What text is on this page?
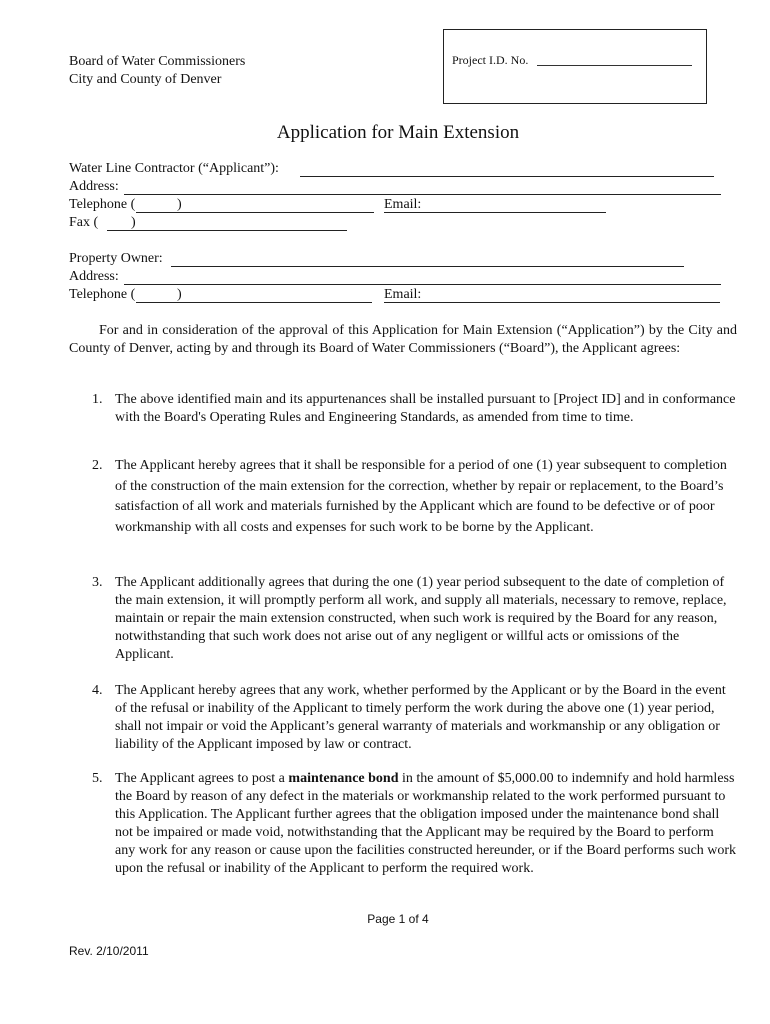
Board of Water Commissioners
City and County of Denver
Project I.D. No.
Application for Main Extension
Water Line Contractor (“Applicant”):
Address:
Telephone (	)	Email:
Fax ( )
Property Owner:
Address:
Telephone (	)	Email:
For and in consideration of the approval of this Application for Main Extension (“Application”) by the City and County of Denver, acting by and through its Board of Water Commissioners (“Board”), the Applicant agrees:
1. The above identified main and its appurtenances shall be installed pursuant to [Project ID] and in conformance with the Board's Operating Rules and Engineering Standards, as amended from time to time.
2. The Applicant hereby agrees that it shall be responsible for a period of one (1) year subsequent to completion of the construction of the main extension for the correction, whether by repair or replacement, to the Board’s satisfaction of all work and materials furnished by the Applicant which are found to be defective or of poor workmanship with all costs and expenses for such work to be borne by the Applicant.
3. The Applicant additionally agrees that during the one (1) year period subsequent to the date of completion of the main extension, it will promptly perform all work, and supply all materials, necessary to remove, replace, maintain or repair the main extension constructed, when such work is required by the Board for any reason, notwithstanding that such work does not arise out of any negligent or willful acts or omissions of the Applicant.
4. The Applicant hereby agrees that any work, whether performed by the Applicant or by the Board in the event of the refusal or inability of the Applicant to timely perform the work during the above one (1) year period, shall not impair or void the Applicant’s general warranty of materials and workmanship or any obligation or liability of the Applicant imposed by law or contract.
5. The Applicant agrees to post a maintenance bond in the amount of $5,000.00 to indemnify and hold harmless the Board by reason of any defect in the materials or workmanship related to the work performed pursuant to this Application. The Applicant further agrees that the obligation imposed under the maintenance bond shall not be impaired or made void, notwithstanding that the Applicant may be required by the Board to perform any work for any reason or cause upon the facilities constructed hereunder, or if the Board performs such work upon the refusal or inability of the Applicant to perform the required work.
Page 1 of 4
Rev. 2/10/2011
